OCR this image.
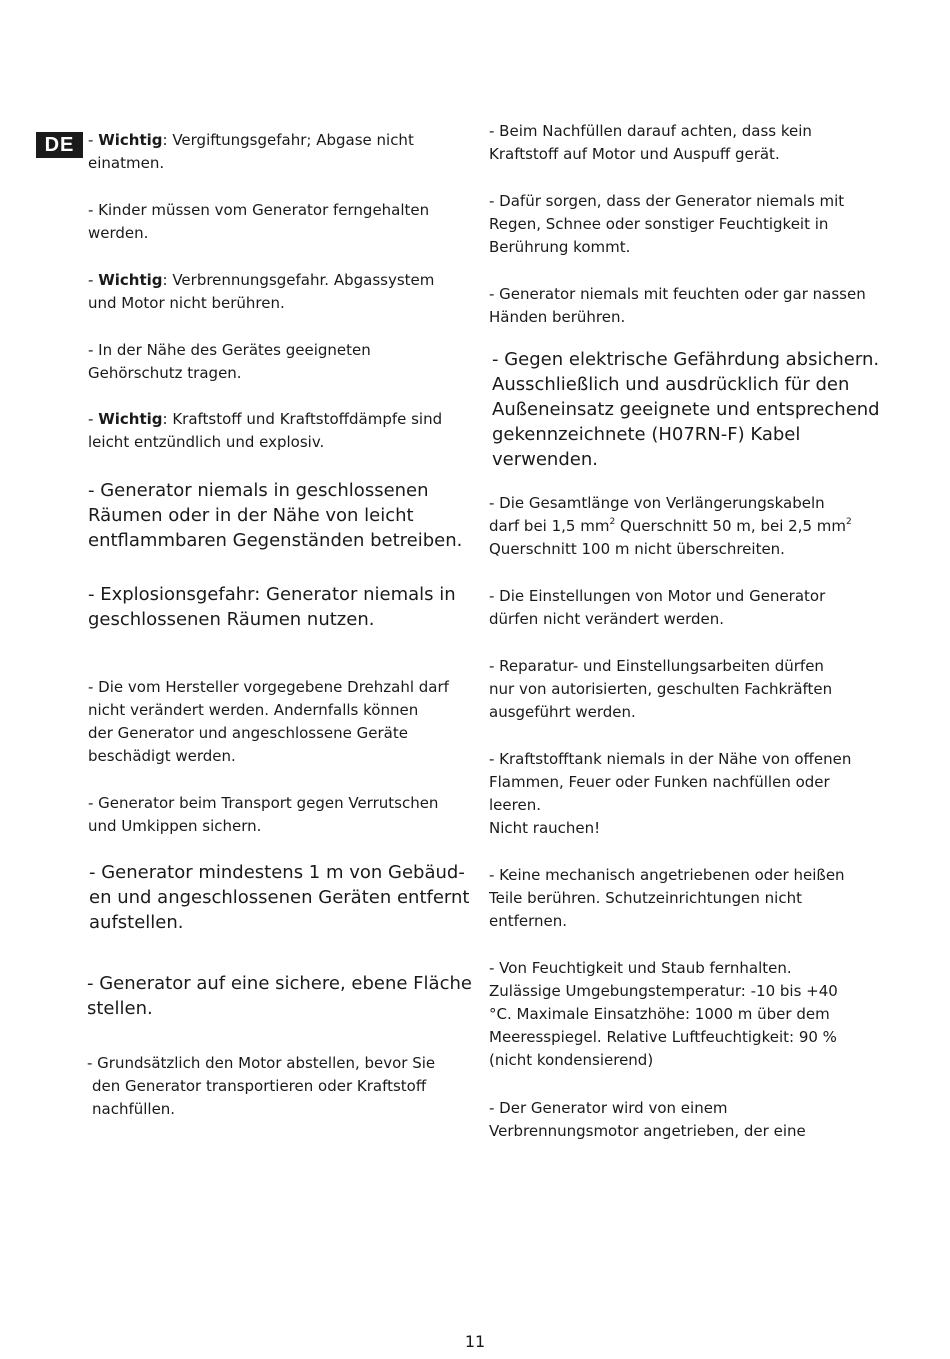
DE - Wichtig: Vergiftungsgefahr; Abgase nicht
einatmen.
- Kinder müssen vom Generator ferngehalten
werden.
- Wichtig: Verbrennungsgefahr. Abgassystem
und Motor nicht berühren.
- In der Nähe des Gerätes geeigneten
Gehörschutz tragen.
- Wichtig: Kraftstoff und Kraftstoffdämpfe sind
leicht entzündlich und explosiv.
- Generator niemals in geschlossenen
Räumen oder in der Nähe von leicht
entflammbaren Gegenständen betreiben.
- Explosionsgefahr: Generator niemals in
geschlossenen Räumen nutzen.
- Die vom Hersteller vorgegebene Drehzahl darf
nicht verändert werden. Andernfalls können
der Generator und angeschlossene Geräte
beschädigt werden.
- Generator beim Transport gegen Verrutschen
und Umkippen sichern.
- Generator mindestens 1 m von Gebäud-
en und angeschlossenen Geräten entfernt
aufstellen.
- Generator auf eine sichere, ebene Fläche
stellen.
- Grundsätzlich den Motor abstellen, bevor Sie
den Generator transportieren oder Kraftstoff
nachfüllen.
- Beim Nachfüllen darauf achten, dass kein
Kraftstoff auf Motor und Auspuff gerät.
- Dafür sorgen, dass der Generator niemals mit
Regen, Schnee oder sonstiger Feuchtigkeit in
Berührung kommt.
- Generator niemals mit feuchten oder gar nassen
Händen berühren.
- Gegen elektrische Gefährdung absichern.
Ausschließlich und ausdrücklich für den
Außeneinsatz geeignete und entsprechend
gekennzeichnete (H07RN-F) Kabel
verwenden.
- Die Gesamtlänge von Verlängerungskabeln
darf bei 1,5 $mm^2$ Querschnitt 50 m, bei 2,5 $mm^2$
Querschnitt 100 m nicht überschreiten.
- Die Einstellungen von Motor und Generator
dürfen nicht verändert werden.
- Reparatur- und Einstellungsarbeiten dürfen
nur von autorisierten, geschulten Fachkräften
ausgeführt werden.
- Kraftstofftank niemals in der Nähe von offenen
Flammen, Feuer oder Funken nachfüllen oder
leeren.
Nicht rauchen!
- Keine mechanisch angetriebenen oder heißen
Teile berühren. Schutzeinrichtungen nicht
entfernen.
- Von Feuchtigkeit und Staub fernhalten.
Zulässige Umgebungstemperatur: -10 bis +40
°C. Maximale Einsatzhöhe: 1000 m über dem
Meeresspiegel. Relative Luftfeuchtigkeit: 90 %
(nicht kondensierend)
- Der Generator wird von einem
Verbrennungsmotor angetrieben, der eine
11
